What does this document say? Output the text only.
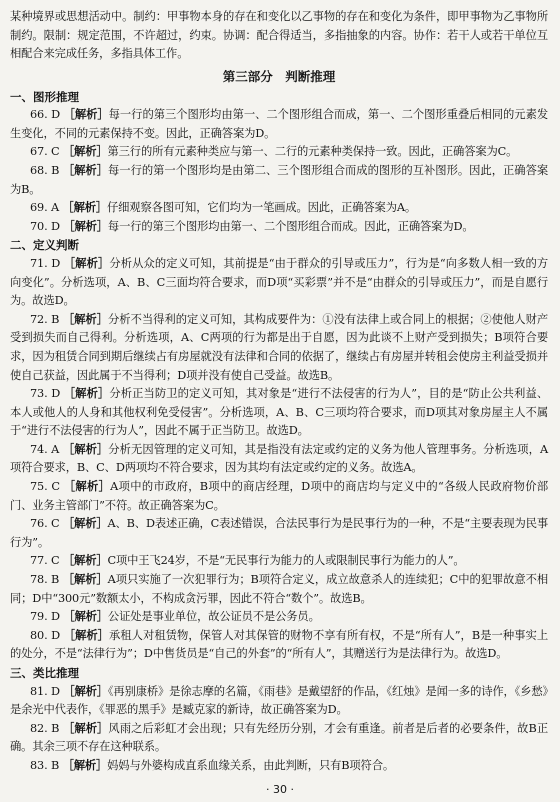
某种境界或思想活动中。制约：甲事物本身的存在和变化以乙事物的存在和变化为条件，即甲事物为乙事物所制约。限制：规定范围，不许超过，约束。协调：配合得适当，多指抽象的内容。协作：若干人或若干单位互相配合来完成任务，多指具体工作。

第三部分　判断推理
一、图形推理

66. D ［解析］每一行的第三个图形均由第一、二个图形组合而成，第一、二个图形重叠后相同的元素发生变化，不同的元素保持不变。因此，正确答案为D。

67. C ［解析］第三行的所有元素种类应与第一、二行的元素种类保持一致。因此，正确答案为C。

68. B ［解析］每一行的第一个图形均是由第二、三个图形组合而成的图形的互补图形。因此，正确答案为B。

69. A ［解析］仔细观察各图可知，它们均为一笔画成。因此，正确答案为A。

70. D ［解析］每一行的第三个图形均由第一、二个图形组合而成。因此，正确答案为D。

二、定义判断

71. D ［解析］分析从众的定义可知，其前提是“由于群众的引导或压力”，行为是“向多数人相一致的方向变化”。分析选项，A、B、C三面均符合要求，而D项“买彩票”并不是“由群众的引导或压力”，而是自愿行为。故选D。

72. B ［解析］分析不当得利的定义可知，其构成要件为：①没有法律上或合同上的根据；②使他人财产受到损失而自己得利。分析选项，A、C两项的行为都是出于自愿，因为此谈不上财产受到损失；B项符合要求，因为租赁合同到期后继续占有房屋就没有法律和合同的依据了，继续占有房屋并转租会使房主利益受损并使自己获益，因此属于不当得利；D项并没有使自己受益。故选B。

73. D ［解析］分析正当防卫的定义可知，其对象是“进行不法侵害的行为人”，目的是“防止公共利益、本人或他人的人身和其他权利免受侵害”。分析选项，A、B、C三项均符合要求，而D项其对象房屋主人不属于“进行不法侵害的行为人”，因此不属于正当防卫。故选D。

74. A ［解析］分析无因管理的定义可知，其是指没有法定或约定的义务为他人管理事务。分析选项，A项符合要求，B、C、D两项均不符合要求，因为其均有法定或约定的义务。故选A。

75. C ［解析］A项中的市政府，B项中的商店经理，D项中的商店均与定义中的“各级人民政府物价部门、业务主管部门”不符。故正确答案为C。

76. C ［解析］A、B、D表述正确，C表述错误，合法民事行为是民事行为的一种，不是“主要表现为民事行为”。

77. C ［解析］C项中王飞24岁，不是“无民事行为能力的人或限制民事行为能力的人”。

78. B ［解析］A项只实施了一次犯罪行为；B项符合定义，成立故意杀人的连续犯；C中的犯罪故意不相同；D中“300元”数额太小，不构成贪污罪，因此不符合“数个”。故选B。

79. D ［解析］公证处是事业单位，故公证员不是公务员。

80. D ［解析］承租人对租赁物，保管人对其保管的财物不享有所有权，不是“所有人”，B是一种事实上的处分，不是“法律行为”；D中售货员是“自己的外套”的“所有人”，其赠送行为是法律行为。故选D。

三、类比推理

81. D ［解析］《再别康桥》是徐志摩的名篇，《雨巷》是戴望舒的作品，《红烛》是闻一多的诗作，《乡愁》是余光中代表作，《罪恶的黑手》是臧克家的新诗，故正确答案为D。

82. B ［解析］风雨之后彩虹才会出现；只有先经历分别，才会有重逢。前者是后者的必要条件，故B正确。其余三项不存在这种联系。

83. B ［解析］妈妈与外婆构成直系血缘关系，由此判断，只有B项符合。

· 30 ·
